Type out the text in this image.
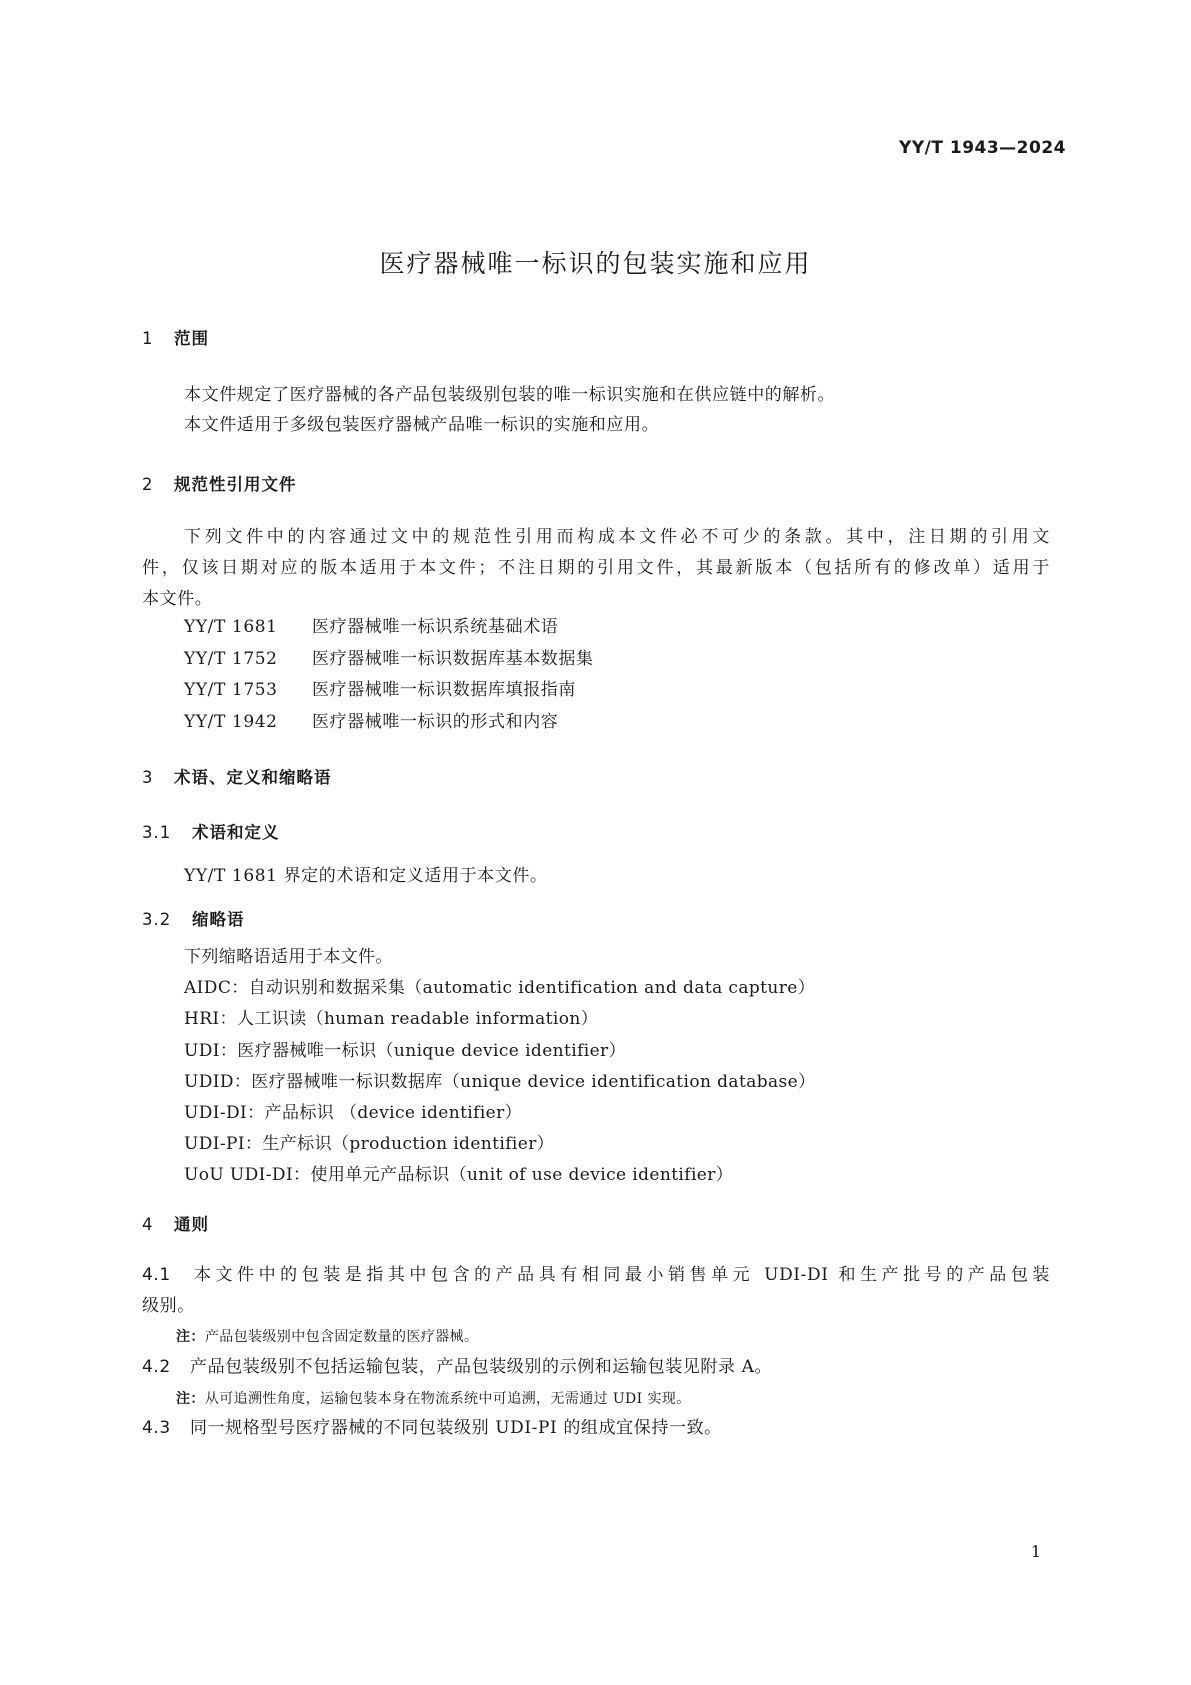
YY/T 1943—2024
医疗器械唯一标识的包装实施和应用
1 范围
本文件规定了医疗器械的各产品包装级别包装的唯一标识实施和在供应链中的解析。
本文件适用于多级包装医疗器械产品唯一标识的实施和应用。
2 规范性引用文件
下列文件中的内容通过文中的规范性引用而构成本文件必不可少的条款。其中，注日期的引用文
件，仅该日期对应的版本适用于本文件；不注日期的引用文件，其最新版本（包括所有的修改单）适用于
本文件。
YY/T 1681 医疗器械唯一标识系统基础术语
YY/T 1752 医疗器械唯一标识数据库基本数据集
YY/T 1753 医疗器械唯一标识数据库填报指南
YY/T 1942 医疗器械唯一标识的形式和内容
3 术语、定义和缩略语
3.1 术语和定义
YY/T 1681 界定的术语和定义适用于本文件。
3.2 缩略语
下列缩略语适用于本文件。
AIDC：自动识别和数据采集（automatic identification and data capture）
HRI：人工识读（human readable information）
UDI：医疗器械唯一标识（unique device identifier）
UDID：医疗器械唯一标识数据库（unique device identification database）
UDI-DI：产品标识 （device identifier）
UDI-PI：生产标识（production identifier）
UoU UDI-DI：使用单元产品标识（unit of use device identifier）
4 通则
4.1 本文件中的包装是指其中包含的产品具有相同最小销售单元 UDI-DI 和生产批号的产品包装
级别。
注：产品包装级别中包含固定数量的医疗器械。
4.2 产品包装级别不包括运输包装，产品包装级别的示例和运输包装见附录 A。
注：从可追溯性角度，运输包装本身在物流系统中可追溯，无需通过 UDI 实现。
4.3 同一规格型号医疗器械的不同包装级别 UDI-PI 的组成宜保持一致。
1
